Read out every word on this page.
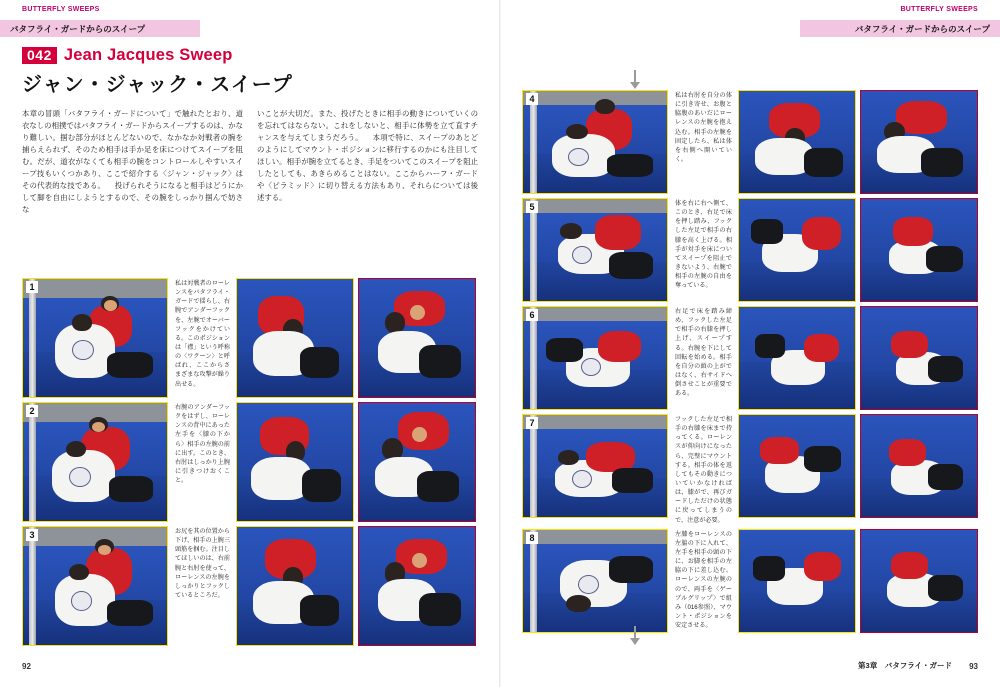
BUTTERFLY SWEEPS
バタフライ・ガードからのスイープ
042 Jean Jacques Sweep
ジャン・ジャック・スイープ

本章の冒頭「バタフライ・ガードについて」で触れたとおり、道衣なしの相撲ではバタフライ・ガードからスイープするのは、かなり難しい。掴む部分がほとんどないので、なかなか対戦者の腕を捕らえられず、そのため相手は手か足を床につけてスイープを阻む。だが、道衣がなくても相手の腕をコントロールしやすいスイープ技もいくつかあり、ここで紹介する〈ジャン・ジャック〉はその代表的な技である。 　投げられそうになると相手はどうにかして脚を自由にしようとするので、その腕をしっかり掴んで妨さな

いことが大切だ。また、投げたときに相手の動きについていくのを忘れてはならない。これをしないと、相手に体勢を立て直すチャンスを与えてしまうだろう。 　本項で特に、スイープのあとどのようにしてマウント・ポジションに移行するのかにも注目してほしい。相手が腕を立てるとき、手足をついてこのスイープを阻止したとしても、あきらめることはない。ここからハーフ・ガードや〈ピラミッド〉に切り替える方法もあり、それらについては後述する。

1	私は対戦者のローレンスをバタフライ・ガードで揺らし、右腕でアンダーフックを、左腕でオーバーフックをかけている。このポジションは「襟」という呼称の〈ワクーン〉と呼ばれ、ここからさまざまな攻撃が繰り出せる。
2	右腕のアンダーフックをはずし、ローレンスの背中にあった左手を〈膝の下から〉相手の左腕の前に出す。このとき、右肘はしっかり上腕に引きつけおくこと。
3	お尻を其の位置から下げ、相手の上腕三頭筋を掴む。注目してほしいのは、右前腕と右肘を使って、ローレンスの左腕をしっかりとフックしているところだ。
92
BUTTERFLY SWEEPS
バタフライ・ガードからのスイープ
4	私は右肘を自分の体に引き寄せ、お腹と脇腹のあいだにローレンスの左腕を抱え込む。相手の左腕を固定したら、私は体を右側へ開いていく。
5	体を右に右へ側て、このとき、右足で床を押し踏み、フックした左足で相手の右膝を高く上げる。相手が対手を床についてスイープを阻止できないよう、右腕で相手の左腕の自由を奪っている。
6	右足で床を踏み締め、フックした左足で相手の右膝を押し上げ、スイープする。右腕を下にして回転を始める。相手を自分の頭の上がではなく、右サイドへ倒させことが重要である。
7	フックした左足で相手の右膝を床まで持ってくる。ローレンスが仰向けになったら、完璧にマウントする。相手の体を返してもその動きについていかなければは、膝がで、再びガードしただけの状態に戻ってしまうので、注意が必要。
8	左膝をローレンスの左脇の下に入れて、左手を相手の頭の下に、お脚を相手の左脇の下に差し込む。ローレンスの左腕のので、両手を〈ゲーブルグリップ〉で組み（016参照）、マウント・ポジションを安定させる。
第3章　バタフライ・ガード 93
